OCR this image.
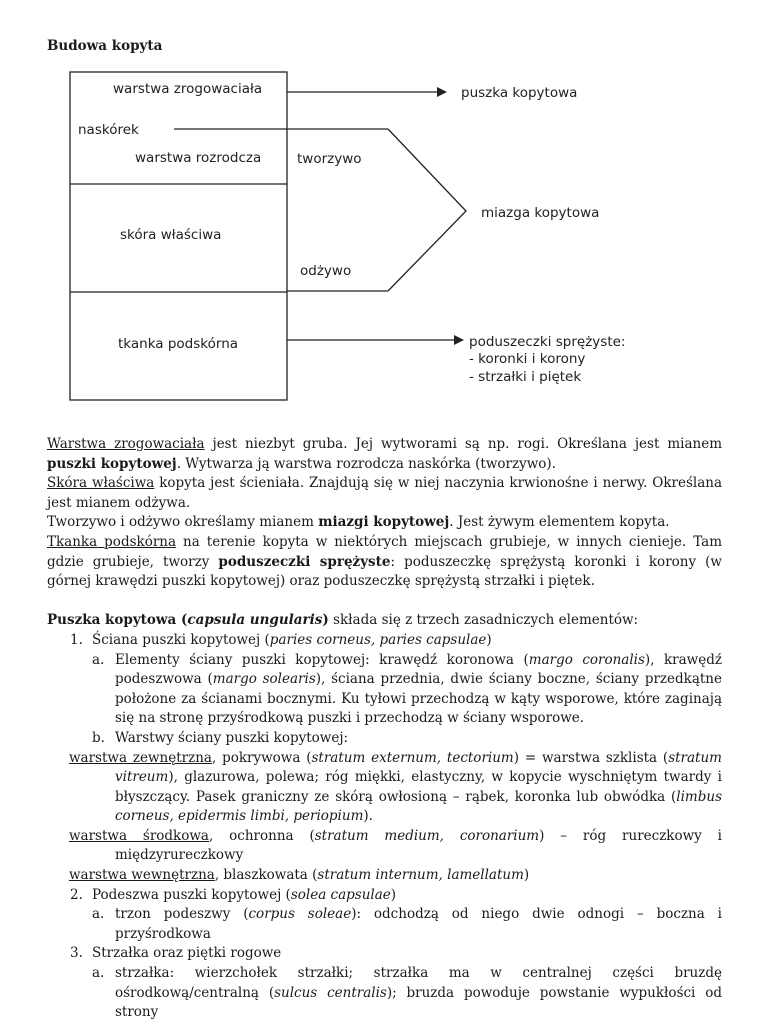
Budowa kopyta
warstwa zrogowaciała
naskórek
warstwa rozrodcza	tworzywo
skóra właściwa
odżywo
tkanka podskórna
puszka kopytowa
miazga kopytowa
poduszeczki sprężyste:
- koronki i korony
- strzałki i piętek
Warstwa zrogowaciała jest niezbyt gruba. Jej wytworami są np. rogi. Określana jest mianem puszki kopytowej. Wytwarza ją warstwa rozrodcza naskórka (tworzywo).
Skóra właściwa kopyta jest ścieniała. Znajdują się w niej naczynia krwionośne i nerwy. Określana jest mianem odżywa.
Tworzywo i odżywo określamy mianem miazgi kopytowej. Jest żywym elementem kopyta.
Tkanka podskórna na terenie kopyta w niektórych miejscach grubieje, w innych cienieje. Tam gdzie grubieje, tworzy poduszeczki sprężyste: poduszeczkę sprężystą koronki i korony (w górnej krawędzi puszki kopytowej) oraz poduszeczkę sprężystą strzałki i piętek.
Puszka kopytowa (capsula ungularis) składa się z trzech zasadniczych elementów:
1. Ściana puszki kopytowej (paries corneus, paries capsulae)
a. Elementy ściany puszki kopytowej: krawędź koronowa (margo coronalis), krawędź podeszwowa (margo solearis), ściana przednia, dwie ściany boczne, ściany przedkątne położone za ścianami bocznymi. Ku tyłowi przechodzą w kąty wsporowe, które zaginają się na stronę przyśrodkową puszki i przechodzą w ściany wsporowe.
b. Warstwy ściany puszki kopytowej:
warstwa zewnętrzna, pokrywowa (stratum externum, tectorium) = warstwa szklista (stratum vitreum), glazurowa, polewa; róg miękki, elastyczny, w kopycie wyschniętym twardy i błyszczący. Pasek graniczny ze skórą owłosioną – rąbek, koronka lub obwódka (limbus corneus, epidermis limbi, periopium).
warstwa środkowa, ochronna (stratum medium, coronarium) – róg rureczkowy i międzyrureczkowy
warstwa wewnętrzna, blaszkowata (stratum internum, lamellatum)
2. Podeszwa puszki kopytowej (solea capsulae)
a. trzon podeszwy (corpus soleae): odchodzą od niego dwie odnogi – boczna i przyśrodkowa
3. Strzałka oraz piętki rogowe
a. strzałka: wierzchołek strzałki; strzałka ma w centralnej części bruzdę ośrodkową/centralną (sulcus centralis); bruzda powoduje powstanie wypukłości od strony
